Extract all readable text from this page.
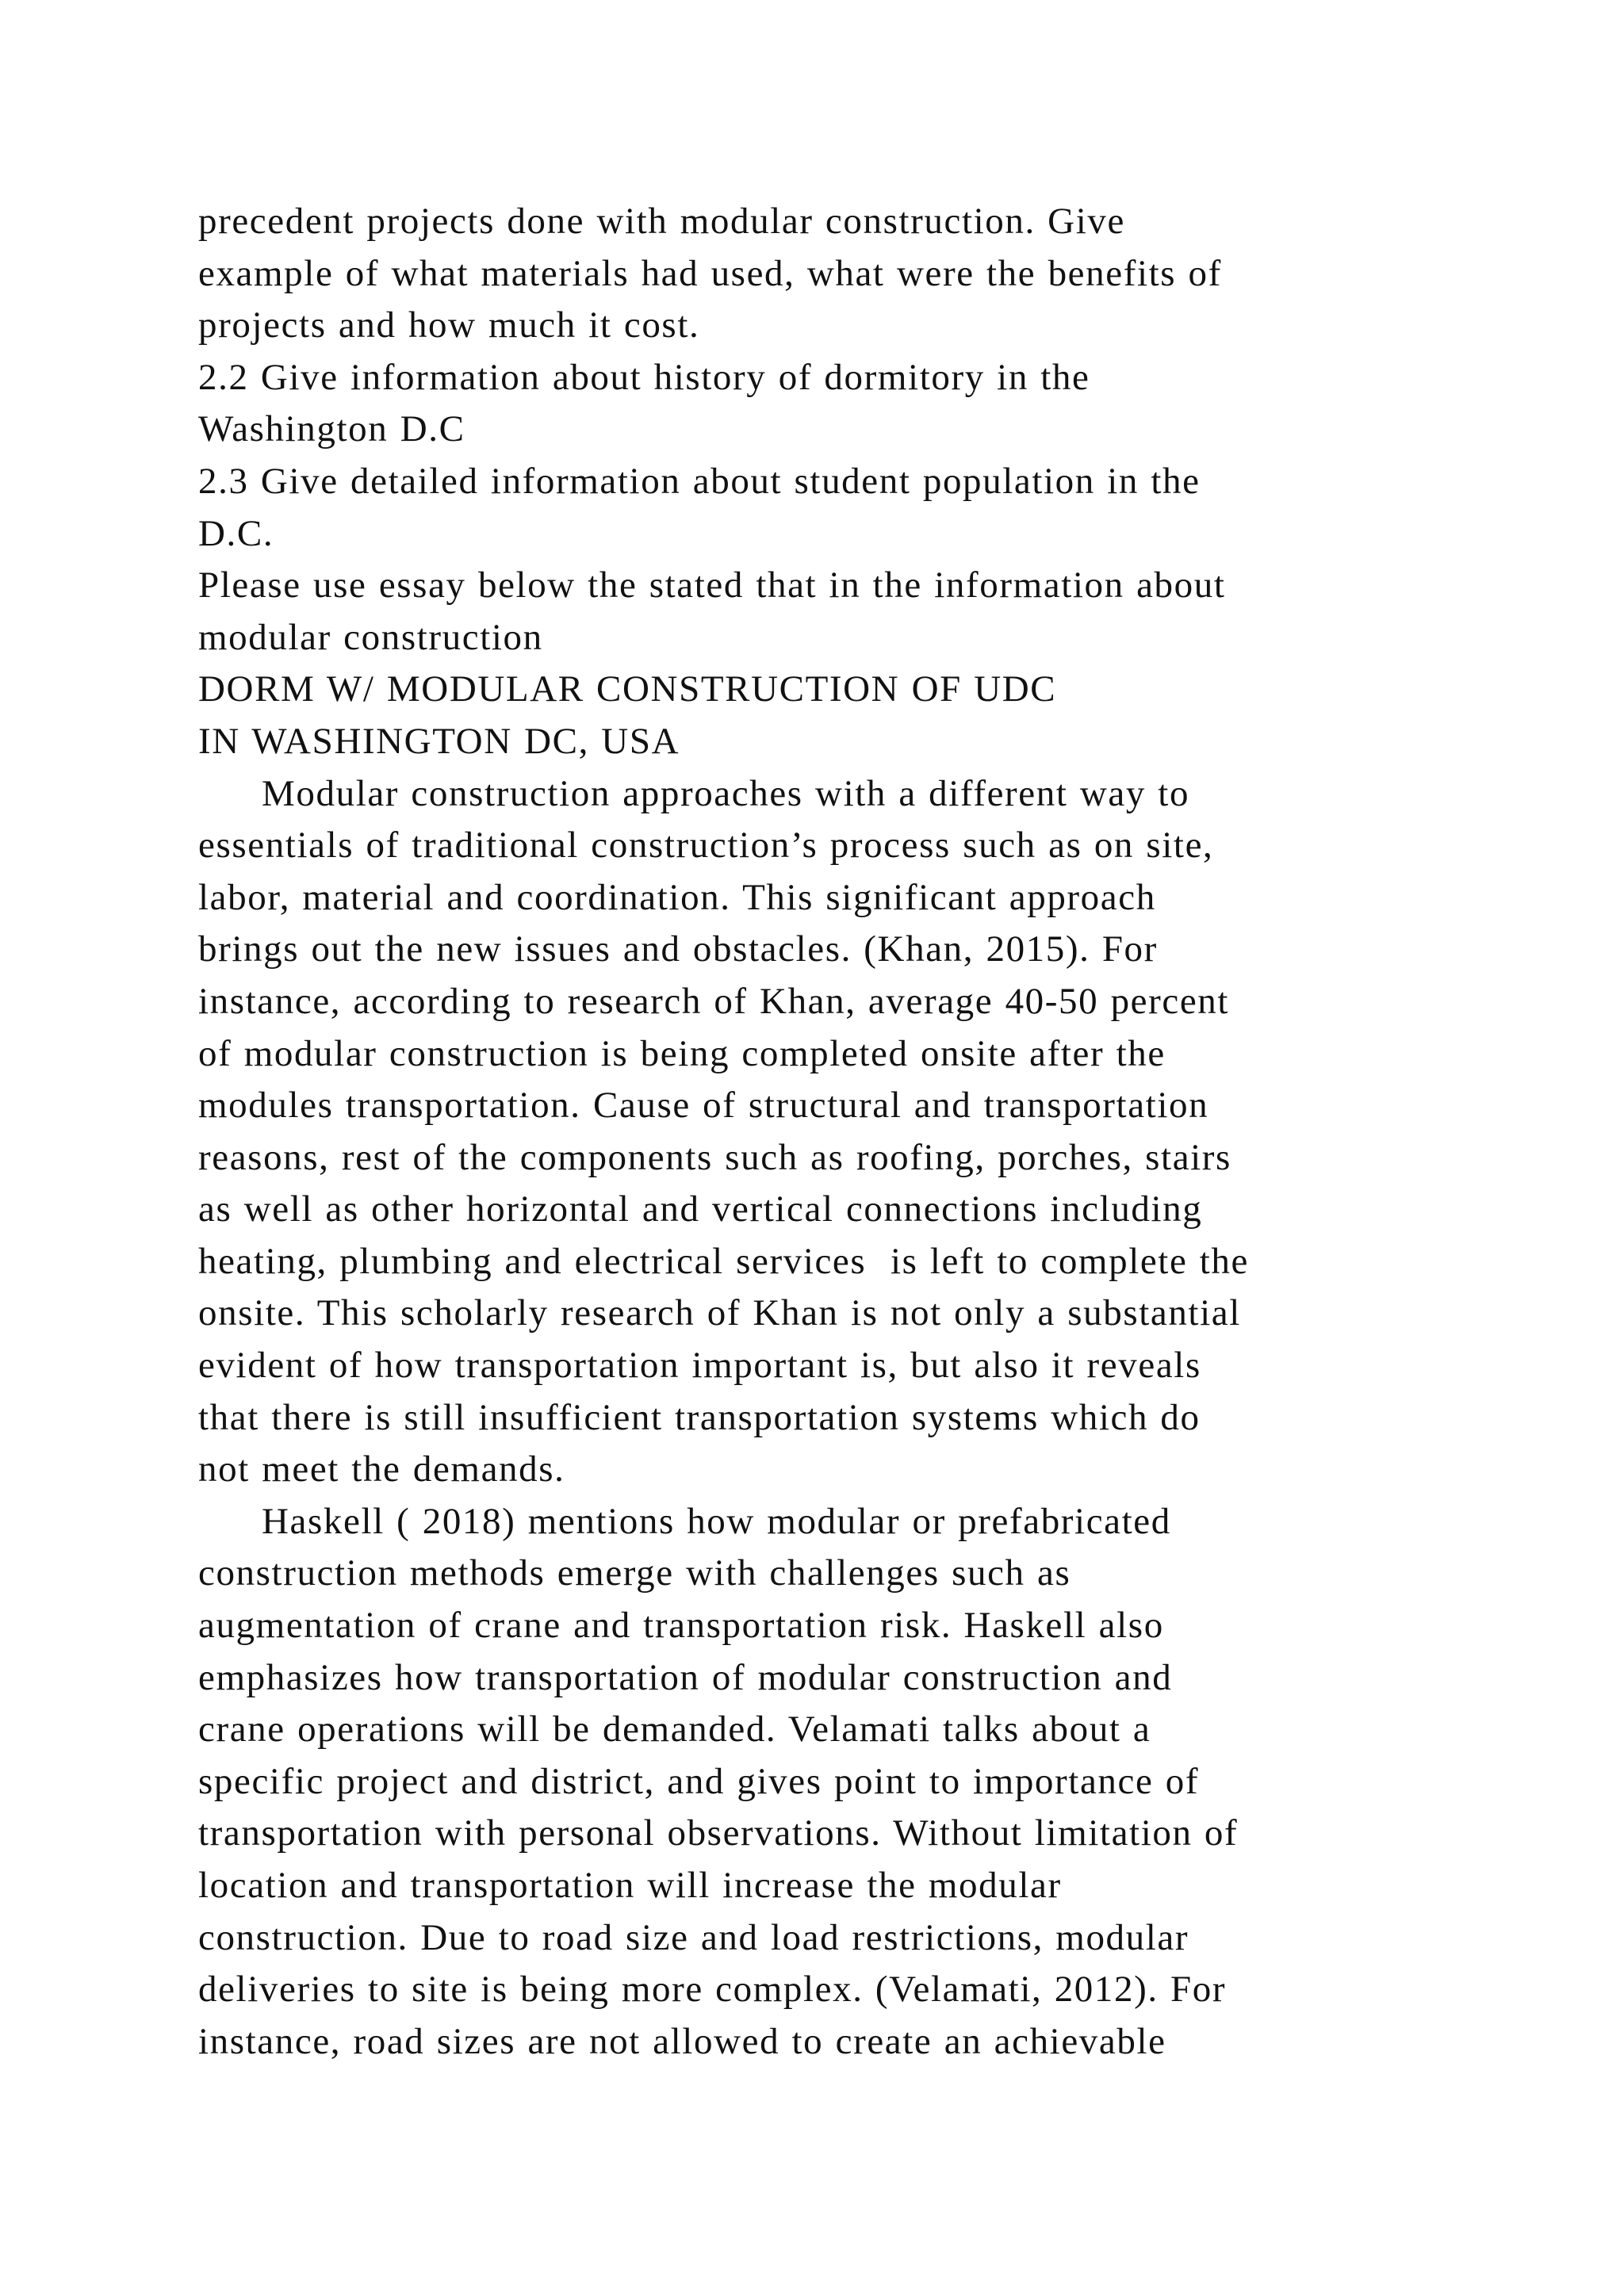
precedent projects done with modular construction. Give
example of what materials had used, what were the benefits of
projects and how much it cost.
2.2 Give information about history of dormitory in the
Washington D.C
2.3 Give detailed information about student population in the
D.C.
Please use essay below the stated that in the information about
modular construction
DORM W/ MODULAR CONSTRUCTION OF UDC
IN WASHINGTON DC, USA
Modular construction approaches with a different way to
essentials of traditional construction’s process such as on site,
labor, material and coordination. This significant approach
brings out the new issues and obstacles. (Khan, 2015). For
instance, according to research of Khan, average 40-50 percent
of modular construction is being completed onsite after the
modules transportation. Cause of structural and transportation
reasons, rest of the components such as roofing, porches, stairs
as well as other horizontal and vertical connections including
heating, plumbing and electrical services  is left to complete the
onsite. This scholarly research of Khan is not only a substantial
evident of how transportation important is, but also it reveals
that there is still insufficient transportation systems which do
not meet the demands.
Haskell ( 2018) mentions how modular or prefabricated
construction methods emerge with challenges such as
augmentation of crane and transportation risk. Haskell also
emphasizes how transportation of modular construction and
crane operations will be demanded. Velamati talks about a
specific project and district, and gives point to importance of
transportation with personal observations. Without limitation of
location and transportation will increase the modular
construction. Due to road size and load restrictions, modular
deliveries to site is being more complex. (Velamati, 2012). For
instance, road sizes are not allowed to create an achievable
